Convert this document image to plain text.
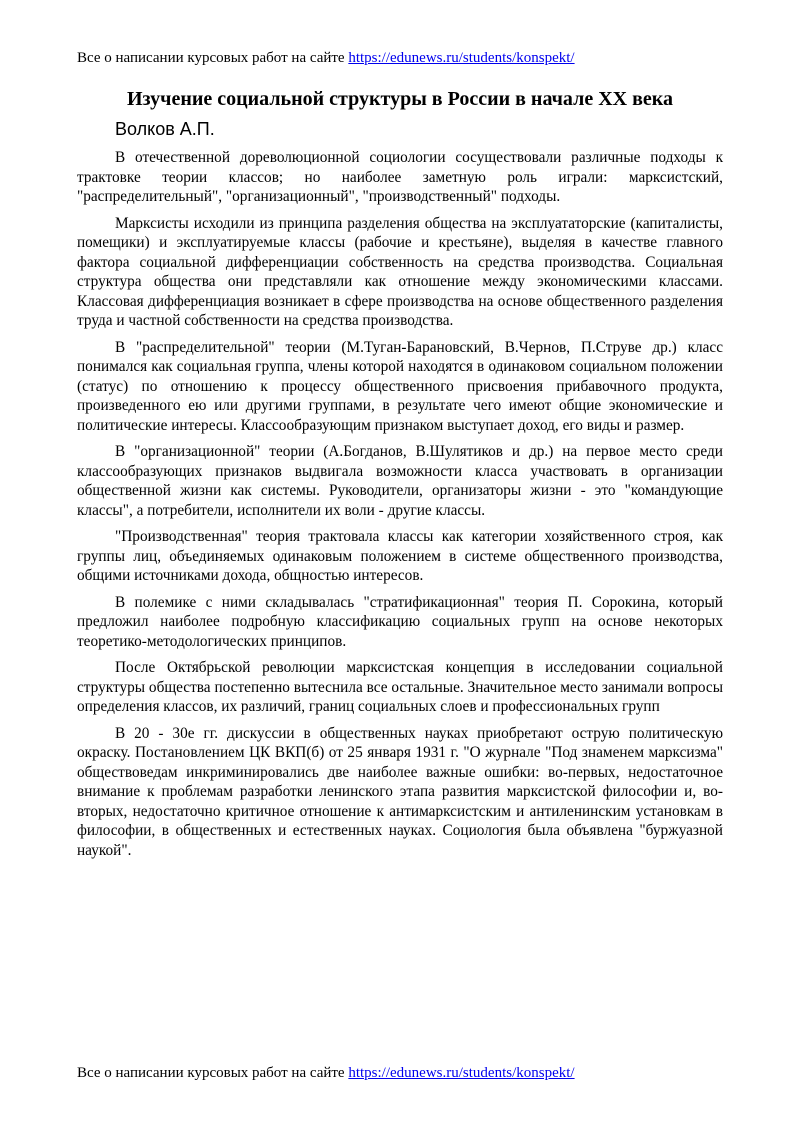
Все о написании курсовых работ на сайте https://edunews.ru/students/konspekt/
Изучение социальной структуры в России в начале XX века
Волков А.П.

В отечественной дореволюционной социологии сосуществовали различные подходы к трактовке теории классов; но наиболее заметную роль играли: марксистский, "распределительный", "организационный", "производственный" подходы.

Марксисты исходили из принципа разделения общества на эксплуататорские (капиталисты, помещики) и эксплуатируемые классы (рабочие и крестьяне), выделяя в качестве главного фактора социальной дифференциации собственность на средства производства. Социальная структура общества они представляли как отношение между экономическими классами. Классовая дифференциация возникает в сфере производства на основе общественного разделения труда и частной собственности на средства производства.

В "распределительной" теории (М.Туган-Барановский, В.Чернов, П.Струве др.) класс понимался как социальная группа, члены которой находятся в одинаковом социальном положении (статус) по отношению к процессу общественного присвоения прибавочного продукта, произведенного ею или другими группами, в результате чего имеют общие экономические и политические интересы. Классообразующим признаком выступает доход, его виды и размер.

В "организационной" теории (А.Богданов, В.Шулятиков и др.) на первое место среди классообразующих признаков выдвигала возможности класса участвовать в организации общественной жизни как системы. Руководители, организаторы жизни - это "командующие классы", а потребители, исполнители их воли - другие классы.

"Производственная" теория трактовала классы как категории хозяйственного строя, как группы лиц, объединяемых одинаковым положением в системе общественного производства, общими источниками дохода, общностью интересов.

В полемике с ними складывалась "стратификационная" теория П. Сорокина, который предложил наиболее подробную классификацию социальных групп на основе некоторых теоретико-методологических принципов.

После Октябрьской революции марксистская концепция в исследовании социальной структуры общества постепенно вытеснила все остальные. Значительное место занимали вопросы определения классов, их различий, границ социальных слоев и профессиональных групп

В 20 - 30е гг. дискуссии в общественных науках приобретают острую политическую окраску. Постановлением ЦК ВКП(б) от 25 января 1931 г. "О журнале "Под знаменем марксизма" обществоведам инкриминировались две наиболее важные ошибки: во-первых, недостаточное внимание к проблемам разработки ленинского этапа развития марксистской философии и, во-вторых, недостаточно критичное отношение к антимарксистским и антиленинским установкам в философии, в общественных и естественных науках. Социология была объявлена "буржуазной наукой".

Все о написании курсовых работ на сайте https://edunews.ru/students/konspekt/
